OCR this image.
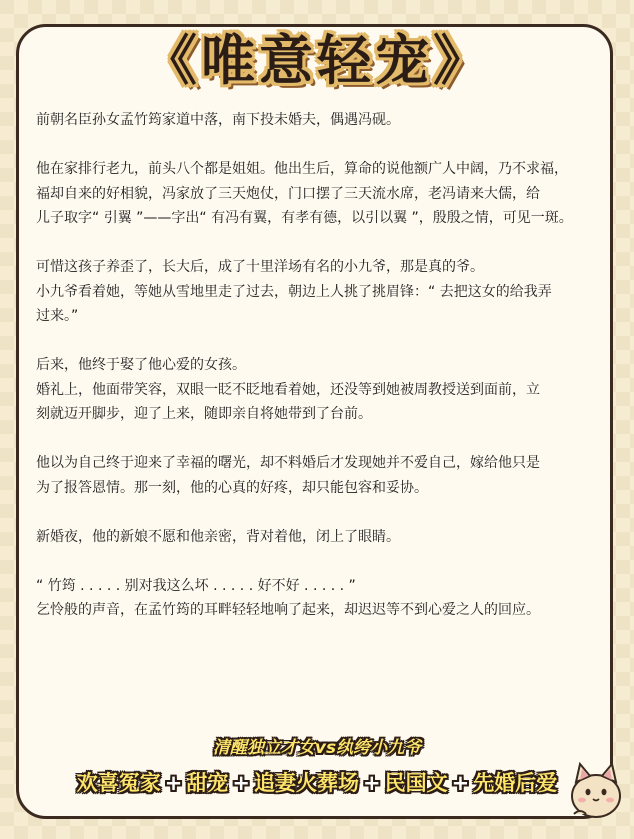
《唯意轻宠》
前朝名臣孙女孟竹筠家道中落，南下投未婚夫，偶遇冯砚。
他在家排行老九，前头八个都是姐姐。他出生后，算命的说他额广人中阔，乃不求福，
福却自来的好相貌，冯家放了三天炮仗，门口摆了三天流水席，老冯请来大儒，给
儿子取字“ 引翼 ”——字出“ 有冯有翼，有孝有德，以引以翼 ”，殷殷之情，可见一斑。
可惜这孩子养歪了，长大后，成了十里洋场有名的小九爷，那是真的爷。
小九爷看着她，等她从雪地里走了过去，朝边上人挑了挑眉锋：“ 去把这女的给我弄
过来。”
后来，他终于娶了他心爱的女孩。
婚礼上，他面带笑容，双眼一眨不眨地看着她，还没等到她被周教授送到面前，立
刻就迈开脚步，迎了上来，随即亲自将她带到了台前。
他以为自己终于迎来了幸福的曙光，却不料婚后才发现她并不爱自己，嫁给他只是
为了报答恩情。那一刻，他的心真的好疼，却只能包容和妥协。
新婚夜，他的新娘不愿和他亲密，背对着他，闭上了眼睛。
“ 竹筠 . . . . . 别对我这么坏 . . . . . 好不好 . . . . . ”
乞怜般的声音，在孟竹筠的耳畔轻轻地响了起来，却迟迟等不到心爱之人的回应。
清醒独立才女vs纨绔小九爷
欢喜冤家 + 甜宠 + 追妻火葬场 + 民国文 + 先婚后爱
